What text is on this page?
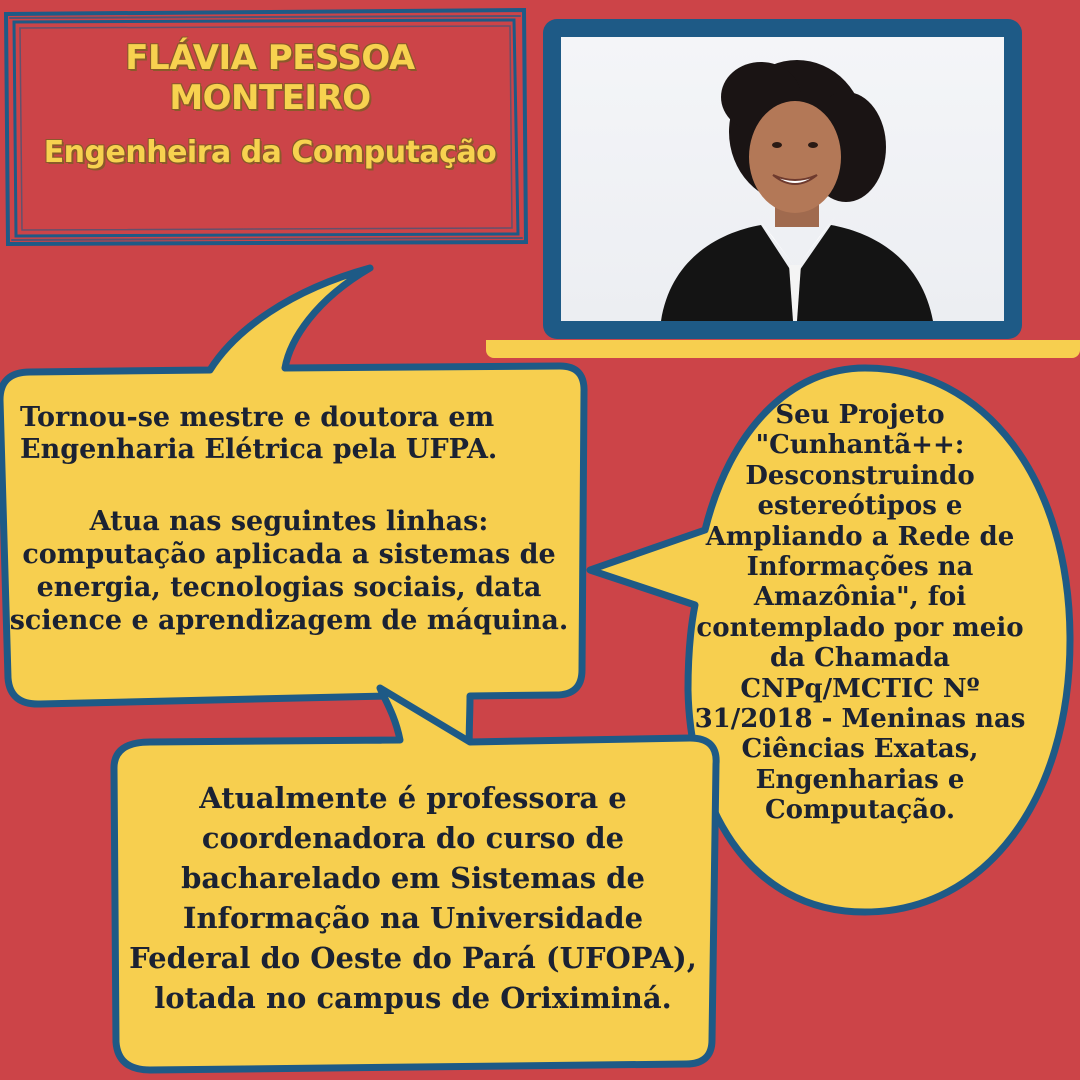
FLÁVIA PESSOA MONTEIRO
Engenheira da Computação
Tornou-se mestre e doutora em Engenharia Elétrica pela UFPA.
Atua nas seguintes linhas: computação aplicada a sistemas de energia, tecnologias sociais, data science e aprendizagem de máquina.
Atualmente é professora e coordenadora do curso de bacharelado em Sistemas de Informação na Universidade Federal do Oeste do Pará (UFOPA), lotada no campus de Oriximiná.
Seu Projeto "Cunhantã++: Desconstruindo estereótipos e Ampliando a Rede de Informações na Amazônia", foi contemplado por meio da Chamada CNPq/MCTIC Nº 31/2018 - Meninas nas Ciências Exatas, Engenharias e Computação.
